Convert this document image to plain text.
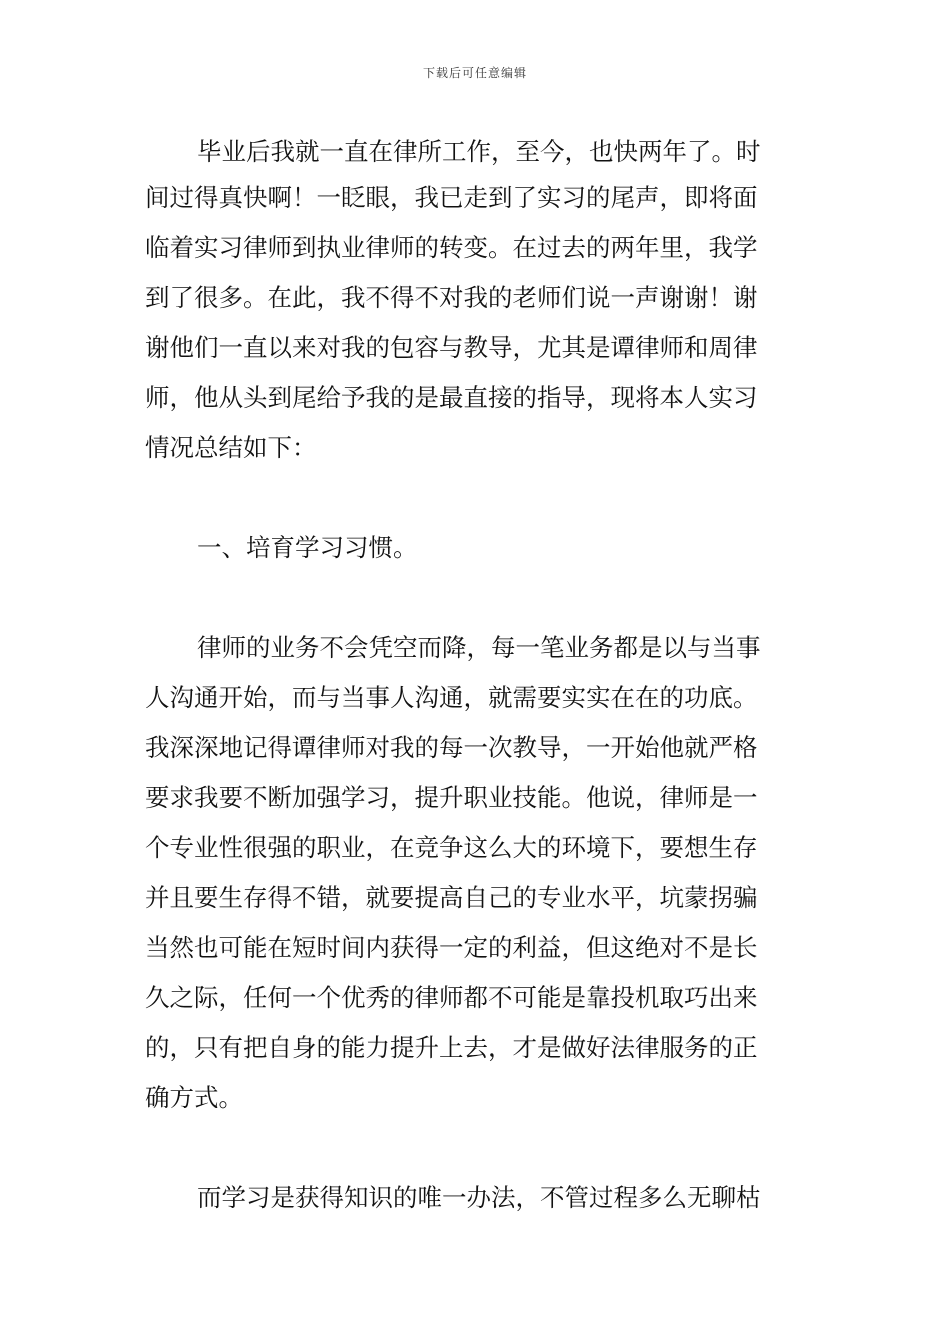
下载后可任意编辑
毕业后我就一直在律所工作，至今，也快两年了。时
间过得真快啊！一眨眼，我已走到了实习的尾声，即将面
临着实习律师到执业律师的转变。在过去的两年里，我学
到了很多。在此，我不得不对我的老师们说一声谢谢！谢
谢他们一直以来对我的包容与教导，尤其是谭律师和周律
师，他从头到尾给予我的是最直接的指导，现将本人实习
情况总结如下：
一、培育学习习惯。
律师的业务不会凭空而降，每一笔业务都是以与当事
人沟通开始，而与当事人沟通，就需要实实在在的功底。
我深深地记得谭律师对我的每一次教导，一开始他就严格
要求我要不断加强学习，提升职业技能。他说，律师是一
个专业性很强的职业，在竞争这么大的环境下，要想生存
并且要生存得不错，就要提高自己的专业水平，坑蒙拐骗
当然也可能在短时间内获得一定的利益，但这绝对不是长
久之际，任何一个优秀的律师都不可能是靠投机取巧出来
的，只有把自身的能力提升上去，才是做好法律服务的正
确方式。
而学习是获得知识的唯一办法，不管过程多么无聊枯
